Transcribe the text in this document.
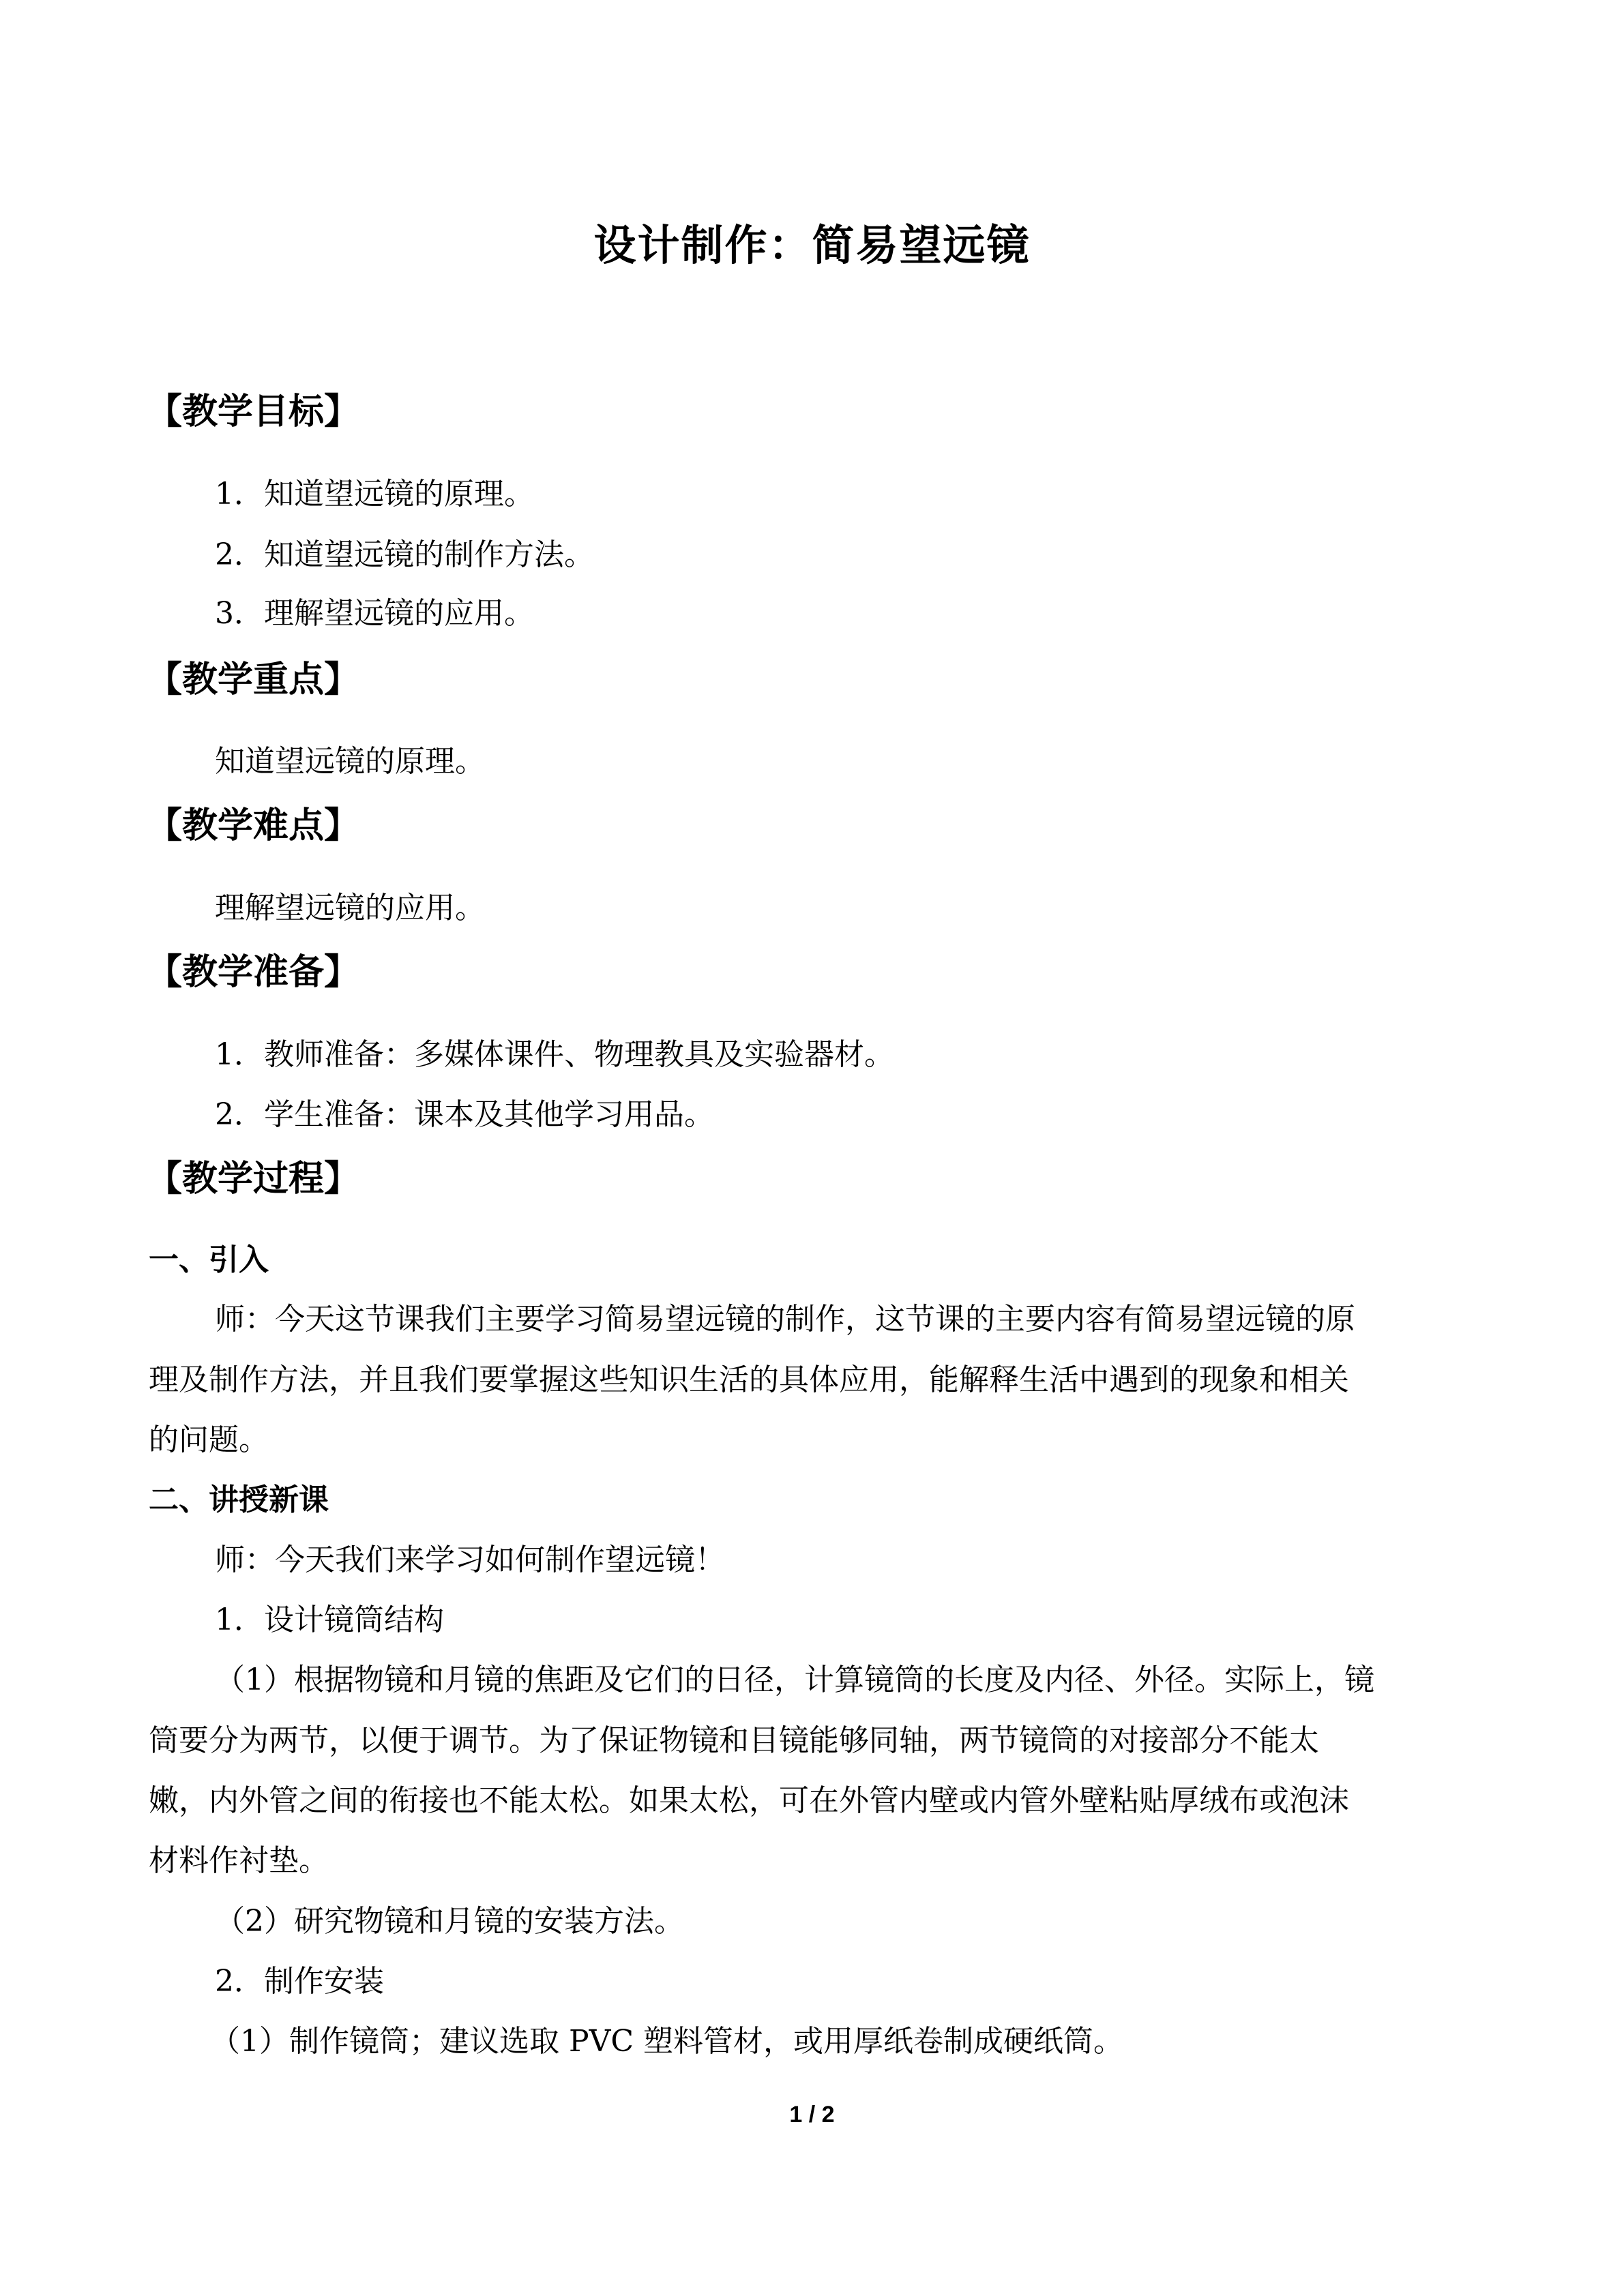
设计制作：简易望远镜
【教学目标】
1．知道望远镜的原理。
2．知道望远镜的制作方法。
3．理解望远镜的应用。
【教学重点】
知道望远镜的原理。
【教学难点】
理解望远镜的应用。
【教学准备】
1．教师准备：多媒体课件、物理教具及实验器材。
2．学生准备：课本及其他学习用品。
【教学过程】
一、引入
师：今天这节课我们主要学习简易望远镜的制作，这节课的主要内容有简易望远镜的原
理及制作方法，并且我们要掌握这些知识生活的具体应用，能解释生活中遇到的现象和相关
的问题。
二、讲授新课
师：今天我们来学习如何制作望远镜！
1．设计镜筒结构
（1）根据物镜和月镜的焦距及它们的日径，计算镜筒的长度及内径、外径。实际上，镜
筒要分为两节，以便于调节。为了保证物镜和目镜能够同轴，两节镜筒的对接部分不能太
嫩，内外管之间的衔接也不能太松。如果太松，可在外管内壁或内管外壁粘贴厚绒布或泡沫
材料作衬垫。
（2）研究物镜和月镜的安装方法。
2．制作安装
（1）制作镜筒；建议选取 PVC 塑料管材，或用厚纸卷制成硬纸筒。
1 / 2
